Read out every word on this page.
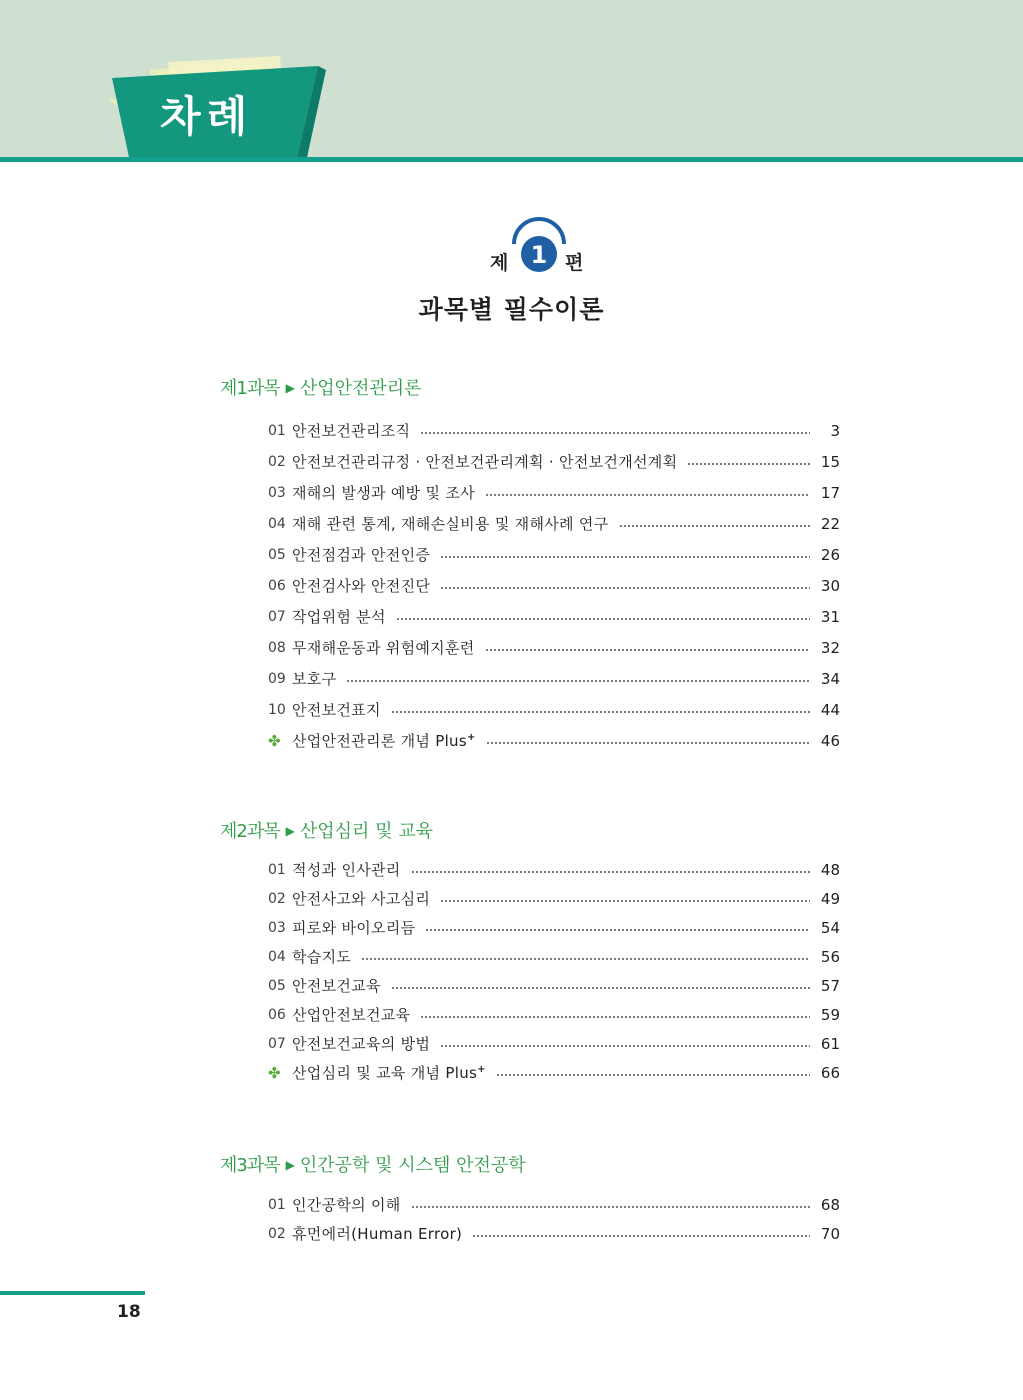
차례
1
제	편
과목별 필수이론
제1과목 ▶ 산업안전관리론
01 안전보건관리조직	3
02 안전보건관리규정 · 안전보건관리계획 · 안전보건개선계획	15
03 재해의 발생과 예방 및 조사	17
04 재해 관련 통계, 재해손실비용 및 재해사례 연구	22
05 안전점검과 안전인증	26
06 안전검사와 안전진단	30
07 작업위험 분석	31
08 무재해운동과 위험예지훈련	32
09 보호구	34
10 안전보건표지	44
✤ 산업안전관리론 개념 Plus+	46
제2과목 ▶ 산업심리 및 교육
01 적성과 인사관리	48
02 안전사고와 사고심리	49
03 피로와 바이오리듬	54
04 학습지도	56
05 안전보건교육	57
06 산업안전보건교육	59
07 안전보건교육의 방법	61
✤ 산업심리 및 교육 개념 Plus+	66
제3과목 ▶ 인간공학 및 시스템 안전공학
01 인간공학의 이해	68
02 휴먼에러(Human Error)	70
18
